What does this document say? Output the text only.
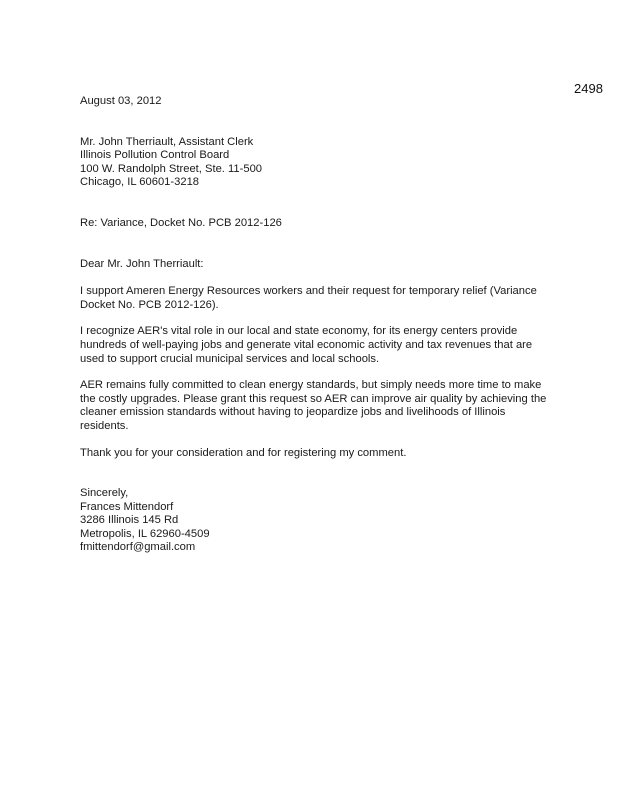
2498
August 03, 2012
Mr. John Therriault, Assistant Clerk
Illinois Pollution Control Board
100 W. Randolph Street, Ste. 11-500
Chicago, IL 60601-3218
Re: Variance, Docket No. PCB 2012-126
Dear Mr. John Therriault:

I support Ameren Energy Resources workers and their request for temporary relief (Variance Docket No. PCB 2012-126).

I recognize AER's vital role in our local and state economy, for its energy centers provide hundreds of well-paying jobs and generate vital economic activity and tax revenues that are used to support crucial municipal services and local schools.

AER remains fully committed to clean energy standards, but simply needs more time to make the costly upgrades. Please grant this request so AER can improve air quality by achieving the cleaner emission standards without having to jeopardize jobs and livelihoods of Illinois residents.

Thank you for your consideration and for registering my comment.

Sincerely,
Frances Mittendorf
3286 Illinois 145 Rd
Metropolis, IL 62960-4509
fmittendorf@gmail.com
